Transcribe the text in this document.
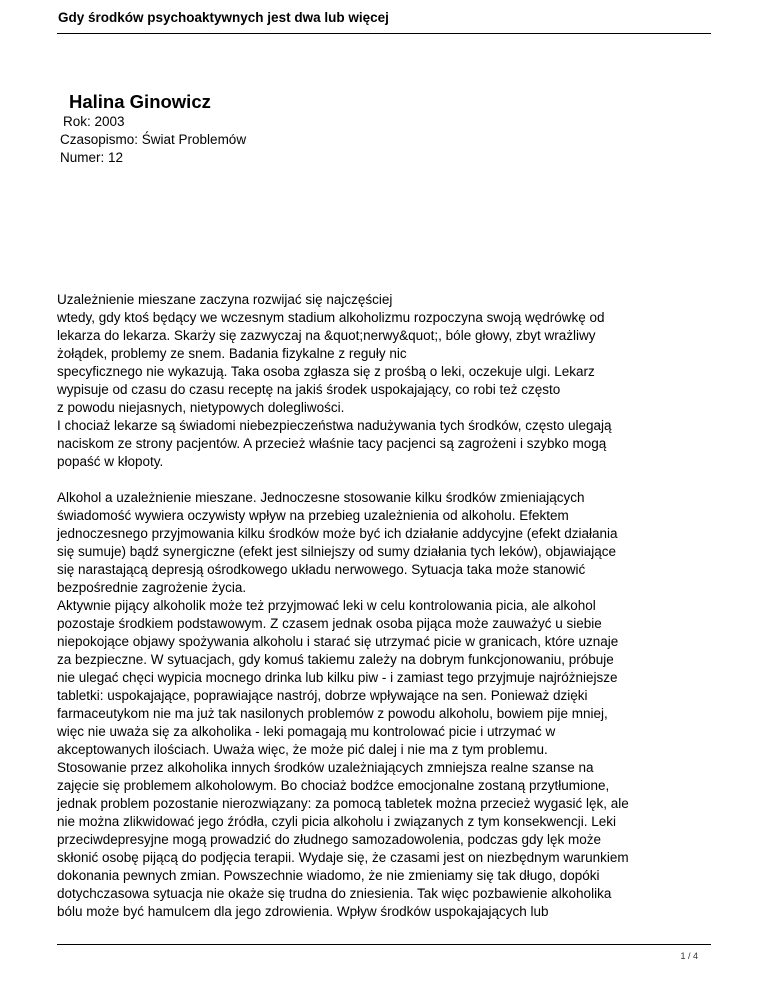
Gdy środków psychoaktywnych jest dwa lub więcej
Halina Ginowicz
Rok: 2003
Czasopismo: Świat Problemów
Numer: 12
Uzależnienie mieszane zaczyna rozwijać się najczęściej
wtedy, gdy ktoś będący we wczesnym stadium alkoholizmu rozpoczyna swoją wędrówkę od
lekarza do lekarza. Skarży się zazwyczaj na &quot;nerwy&quot;, bóle głowy, zbyt wrażliwy
żołądek, problemy ze snem. Badania fizykalne z reguły nic
specyficznego nie wykazują. Taka osoba zgłasza się z prośbą o leki, oczekuje ulgi. Lekarz
wypisuje od czasu do czasu receptę na jakiś środek uspokajający, co robi też często
z powodu niejasnych, nietypowych dolegliwości.
I chociaż lekarze są świadomi niebezpieczeństwa nadużywania tych środków, często ulegają
naciskom ze strony pacjentów. A przecież właśnie tacy pacjenci są zagrożeni i szybko mogą
popaść w kłopoty.
Alkohol a uzależnienie mieszane. Jednoczesne stosowanie kilku środków zmieniających
świadomość wywiera oczywisty wpływ na przebieg uzależnienia od alkoholu. Efektem
jednoczesnego przyjmowania kilku środków może być ich działanie addycyjne (efekt działania
się sumuje) bądź synergiczne (efekt jest silniejszy od sumy działania tych leków), objawiające
się narastającą depresją ośrodkowego układu nerwowego. Sytuacja taka może stanowić
bezpośrednie zagrożenie życia.
Aktywnie pijący alkoholik może też przyjmować leki w celu kontrolowania picia, ale alkohol
pozostaje środkiem podstawowym. Z czasem jednak osoba pijąca może zauważyć u siebie
niepokojące objawy spożywania alkoholu i starać się utrzymać picie w granicach, które uznaje
za bezpieczne. W sytuacjach, gdy komuś takiemu zależy na dobrym funkcjonowaniu, próbuje
nie ulegać chęci wypicia mocnego drinka lub kilku piw - i zamiast tego przyjmuje najróżniejsze
tabletki: uspokajające, poprawiające nastrój, dobrze wpływające na sen. Ponieważ dzięki
farmaceutykom nie ma już tak nasilonych problemów z powodu alkoholu, bowiem pije mniej,
więc nie uważa się za alkoholika - leki pomagają mu kontrolować picie i utrzymać w
akceptowanych ilościach. Uważa więc, że może pić dalej i nie ma z tym problemu.
Stosowanie przez alkoholika innych środków uzależniających zmniejsza realne szanse na
zajęcie się problemem alkoholowym. Bo chociaż bodźce emocjonalne zostaną przytłumione,
jednak problem pozostanie nierozwiązany: za pomocą tabletek można przecież wygasić lęk, ale
nie można zlikwidować jego źródła, czyli picia alkoholu i związanych z tym konsekwencji. Leki
przeciwdepresyjne mogą prowadzić do złudnego samozadowolenia, podczas gdy lęk może
skłonić osobę pijącą do podjęcia terapii. Wydaje się, że czasami jest on niezbędnym warunkiem
dokonania pewnych zmian. Powszechnie wiadomo, że nie zmieniamy się tak długo, dopóki
dotychczasowa sytuacja nie okaże się trudna do zniesienia. Tak więc pozbawienie alkoholika
bólu może być hamulcem dla jego zdrowienia. Wpływ środków uspokajających lub
1 / 4
